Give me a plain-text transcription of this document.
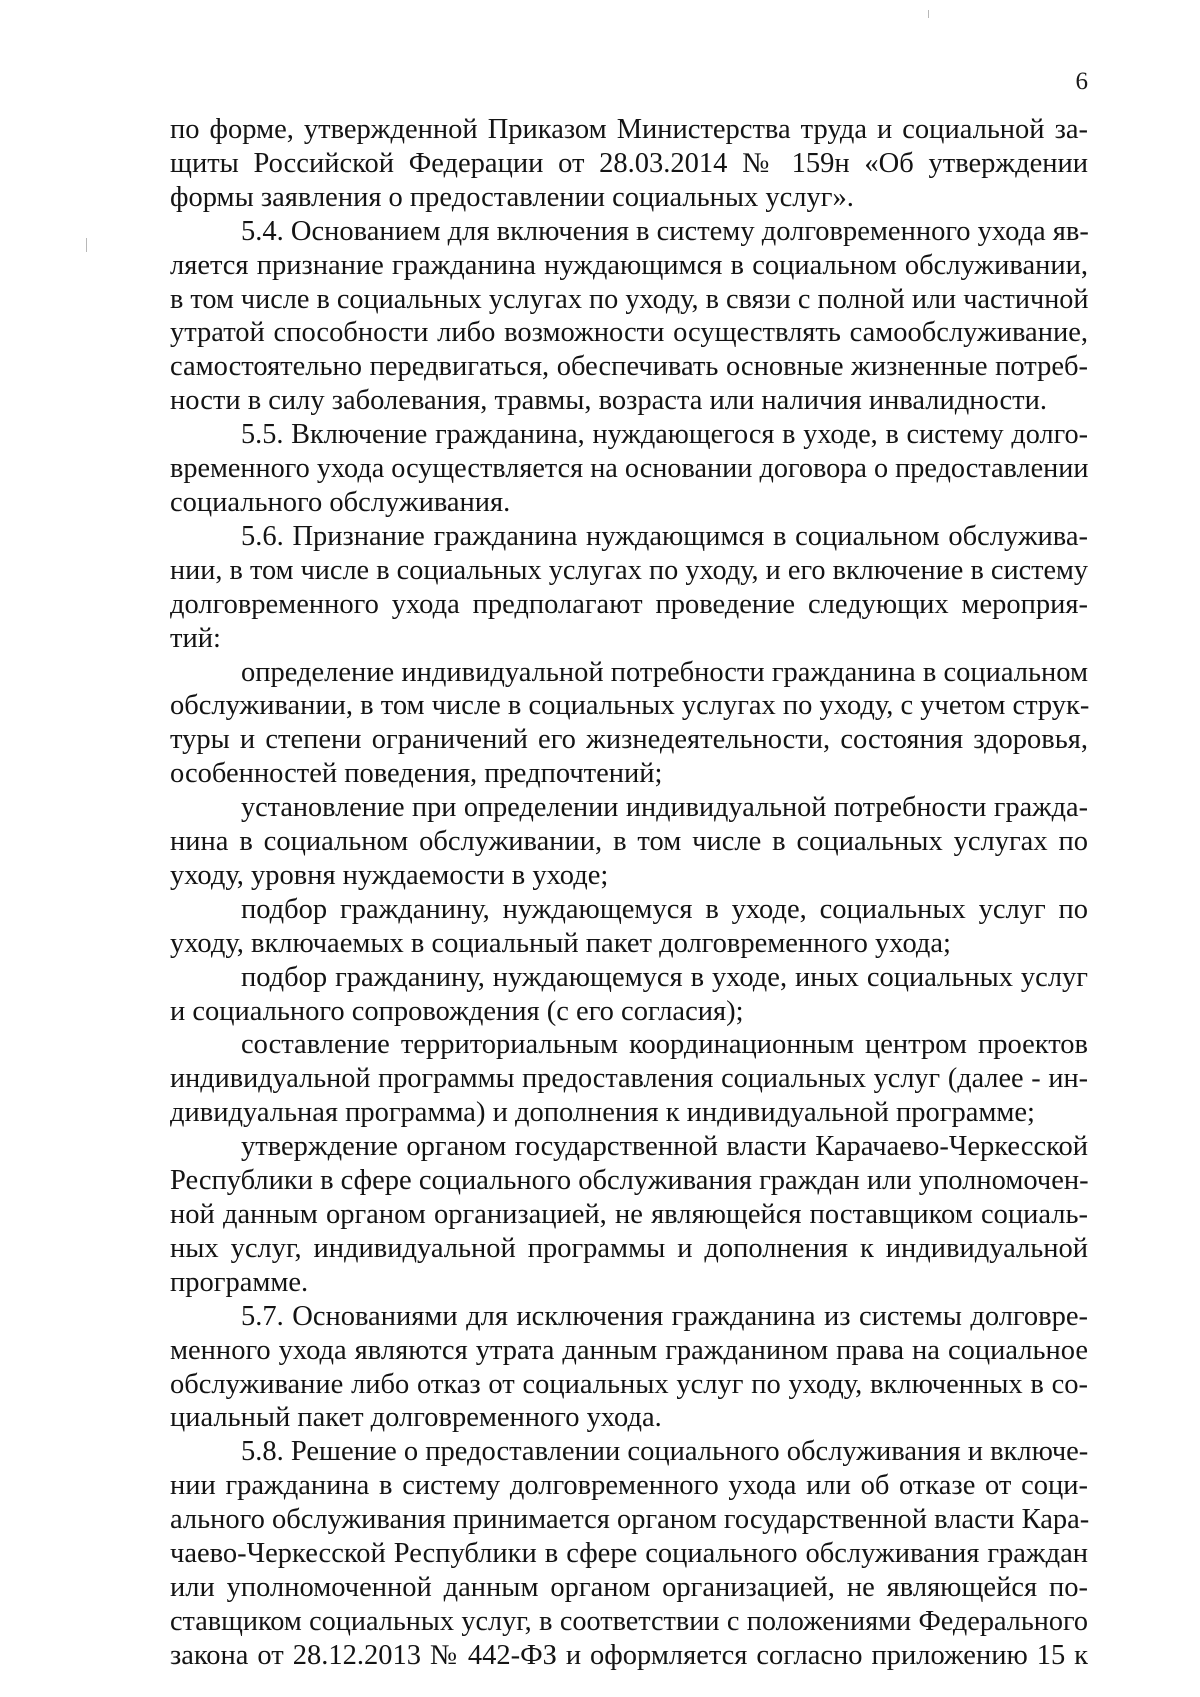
6
по форме, утвержденной Приказом Министерства труда и социальной за-
щиты Российской Федерации от 28.03.2014 № 159н «Об утверждении
формы заявления о предоставлении социальных услуг».
5.4. Основанием для включения в систему долговременного ухода яв-
ляется признание гражданина нуждающимся в социальном обслуживании,
в том числе в социальных услугах по уходу, в связи с полной или частичной
утратой способности либо возможности осуществлять самообслуживание,
самостоятельно передвигаться, обеспечивать основные жизненные потреб-
ности в силу заболевания, травмы, возраста или наличия инвалидности.
5.5. Включение гражданина, нуждающегося в уходе, в систему долго-
временного ухода осуществляется на основании договора о предоставлении
социального обслуживания.
5.6. Признание гражданина нуждающимся в социальном обслужива-
нии, в том числе в социальных услугах по уходу, и его включение в систему
долговременного ухода предполагают проведение следующих мероприя-
тий:
определение индивидуальной потребности гражданина в социальном
обслуживании, в том числе в социальных услугах по уходу, с учетом струк-
туры и степени ограничений его жизнедеятельности, состояния здоровья,
особенностей поведения, предпочтений;
установление при определении индивидуальной потребности гражда-
нина в социальном обслуживании, в том числе в социальных услугах по
уходу, уровня нуждаемости в уходе;
подбор гражданину, нуждающемуся в уходе, социальных услуг по
уходу, включаемых в социальный пакет долговременного ухода;
подбор гражданину, нуждающемуся в уходе, иных социальных услуг
и социального сопровождения (с его согласия);
составление территориальным координационным центром проектов
индивидуальной программы предоставления социальных услуг (далее - ин-
дивидуальная программа) и дополнения к индивидуальной программе;
утверждение органом государственной власти Карачаево-Черкесской
Республики в сфере социального обслуживания граждан или уполномочен-
ной данным органом организацией, не являющейся поставщиком социаль-
ных услуг, индивидуальной программы и дополнения к индивидуальной
программе.
5.7. Основаниями для исключения гражданина из системы долговре-
менного ухода являются утрата данным гражданином права на социальное
обслуживание либо отказ от социальных услуг по уходу, включенных в со-
циальный пакет долговременного ухода.
5.8. Решение о предоставлении социального обслуживания и включе-
нии гражданина в систему долговременного ухода или об отказе от соци-
ального обслуживания принимается органом государственной власти Кара-
чаево-Черкесской Республики в сфере социального обслуживания граждан
или уполномоченной данным органом организацией, не являющейся по-
ставщиком социальных услуг, в соответствии с положениями Федерального
закона от 28.12.2013 № 442-ФЗ и оформляется согласно приложению 15 к
